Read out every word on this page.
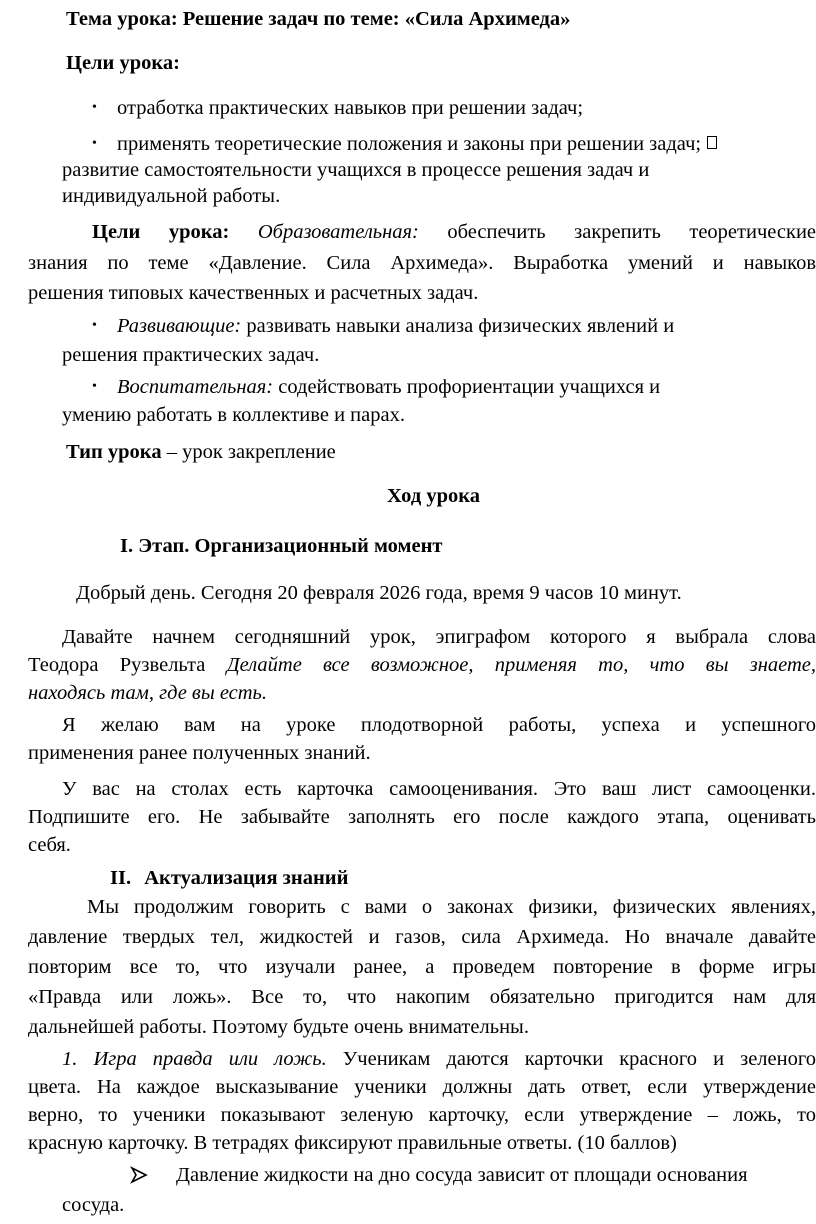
Тема урока: Решение задач по теме: «Сила Архимеда»
Цели урока:
• отработка практических навыков при решении задач;
• применять теоретические положения и законы при решении задач;
развитие самостоятельности учащихся в процессе решения задач и
индивидуальной работы.
Цели урока: Образовательная: обеспечить закрепить теоретические
знания по теме «Давление. Сила Архимеда». Выработка умений и навыков
решения типовых качественных и расчетных задач.
• Развивающие: развивать навыки анализа физических явлений и
решения практических задач.
• Воспитательная: содействовать профориентации учащихся и
умению работать в коллективе и парах.
Тип урока – урок закрепление
Ход урока
I. Этап. Организационный момент
Добрый день. Сегодня 20 февраля 2026 года, время 9 часов 10 минут.
Давайте начнем сегодняшний урок, эпиграфом которого я выбрала слова
Теодора Рузвельта Делайте все возможное, применяя то, что вы знаете,
находясь там, где вы есть.
Я желаю вам на уроке плодотворной работы, успеха и успешного
применения ранее полученных знаний.
У вас на столах есть карточка самооценивания. Это ваш лист самооценки.
Подпишите его. Не забывайте заполнять его после каждого этапа, оценивать
себя.
II. Актуализация знаний
Мы продолжим говорить с вами о законах физики, физических явлениях,
давление твердых тел, жидкостей и газов, сила Архимеда. Но вначале давайте
повторим все то, что изучали ранее, а проведем повторение в форме игры
«Правда или ложь». Все то, что накопим обязательно пригодится нам для
дальнейшей работы. Поэтому будьте очень внимательны.
1. Игра правда или ложь. Ученикам даются карточки красного и зеленого
цвета. На каждое высказывание ученики должны дать ответ, если утверждение
верно, то ученики показывают зеленую карточку, если утверждение – ложь, то
красную карточку. В тетрадях фиксируют правильные ответы. (10 баллов)
Давление жидкости на дно сосуда зависит от площади основания
сосуда.
